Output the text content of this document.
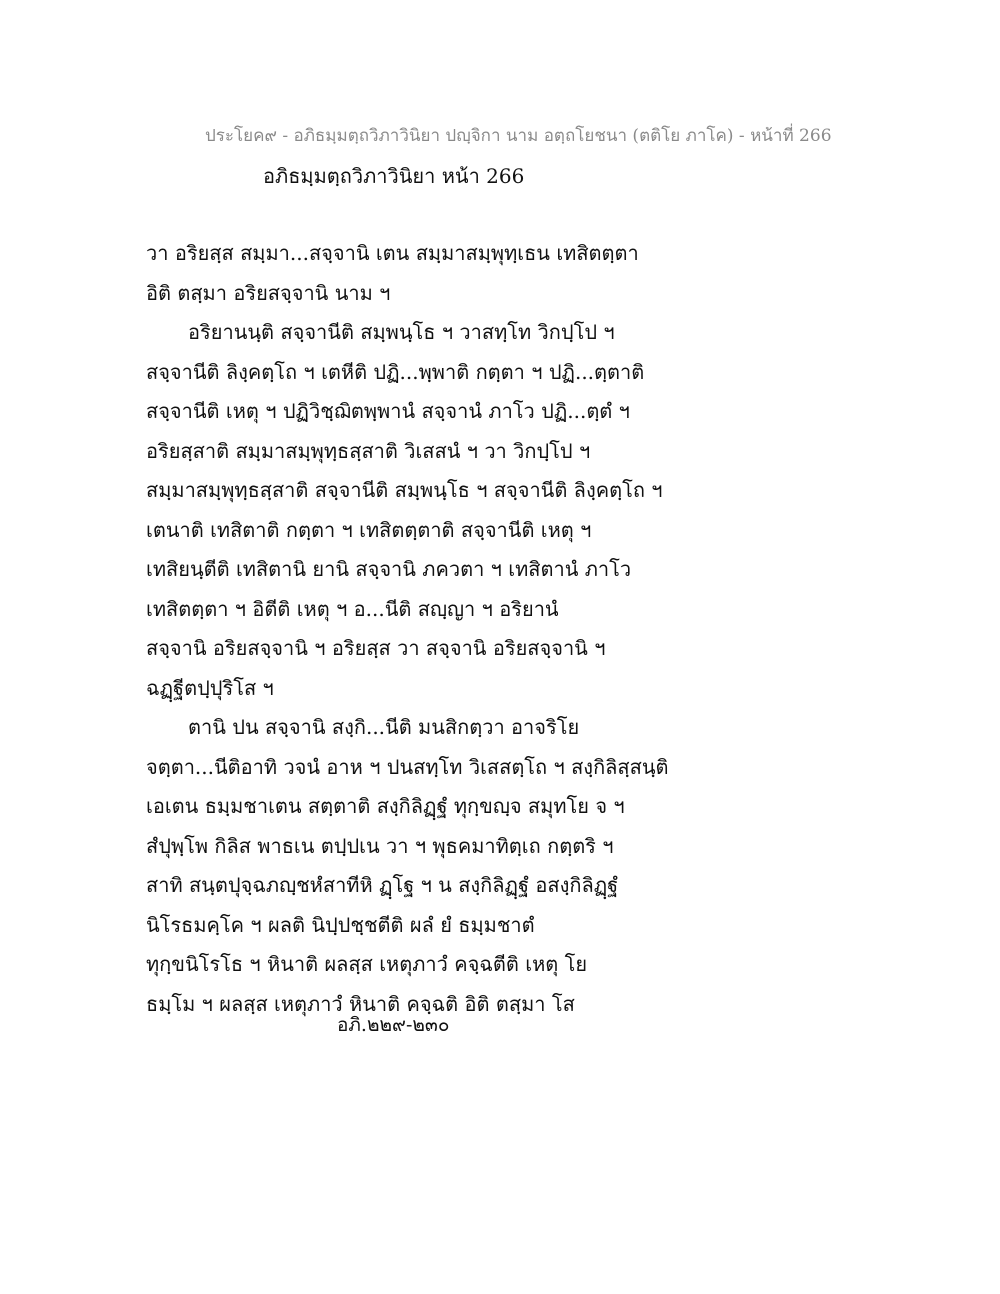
ประโยค๙ - อภิธมฺมตฺถวิภาวินิยา ปญฺจิกา นาม อตฺถโยชนา (ตติโย ภาโค) - หน้าที่ 266
อภิธมฺมตฺถวิภาวินิยา หน้า 266
วา อริยสฺส สมฺมา...สจฺจานิ เตน สมฺมาสมฺพุทฺเธน เทสิตตฺตา
อิติ ตสฺมา อริยสจฺจานิ นาม ฯ
อริยานนฺติ สจฺจานีติ สมฺพนฺโธ ฯ วาสทฺโท วิกปฺโป ฯ
สจฺจานีติ ลิงฺคตฺโถ ฯ เตหีติ ปฏิ...พฺพาติ กตฺตา ฯ ปฏิ...ตฺตาติ
สจฺจานีติ เหตุ ฯ ปฏิวิชฺฌิตพฺพานํ สจฺจานํ ภาโว ปฏิ...ตฺตํ ฯ
อริยสฺสาติ สมฺมาสมฺพุทฺธสฺสาติ วิเสสนํ ฯ วา วิกปฺโป ฯ
สมฺมาสมฺพุทฺธสฺสาติ สจฺจานีติ สมฺพนฺโธ ฯ สจฺจานีติ ลิงฺคตฺโถ ฯ
เตนาติ เทสิตาติ กตฺตา ฯ เทสิตตฺตาติ สจฺจานีติ เหตุ ฯ
เทสิยนฺตีติ เทสิตานิ ยานิ สจฺจานิ ภควตา ฯ เทสิตานํ ภาโว
เทสิตตฺตา ฯ อิตีติ เหตุ ฯ อ...นีติ สญฺญา ฯ อริยานํ
สจฺจานิ อริยสจฺจานิ ฯ อริยสฺส วา สจฺจานิ อริยสจฺจานิ ฯ
ฉฏฺฐีตปฺปุริโส ฯ
ตานิ ปน สจฺจานิ สงฺกิ...นีติ มนสิกตฺวา อาจริโย
จตฺตา...นีติอาทิ วจนํ อาห ฯ ปนสทฺโท วิเสสตฺโถ ฯ สงฺกิลิสฺสนฺติ
เอเตน ธมฺมชาเตน สตฺตาติ สงฺกิลิฏฺฐํ ทุกฺขญฺจ สมุทโย จ ฯ
สํปุพฺโพ กิลิส พาธเน ตปฺปเน วา ฯ พุธคมาทิตฺเถ กตฺตริ ฯ
สาทิ สนฺตปุจฺฉภญฺชหํสาทีหิ ฏฺโฐ ฯ น สงฺกิลิฏฺฐํ อสงฺกิลิฏฺฐํ
นิโรธมคฺโค ฯ ผลติ นิปฺปชฺชตีติ ผลํ ยํ ธมฺมชาตํ
ทุกฺขนิโรโธ ฯ หินาติ ผลสฺส เหตุภาวํ คจฺฉตีติ เหตุ โย
ธมฺโม ฯ ผลสฺส เหตุภาวํ หินาติ คจฺฉติ อิติ ตสฺมา โส
อภิ.๒๒๙-๒๓๐
